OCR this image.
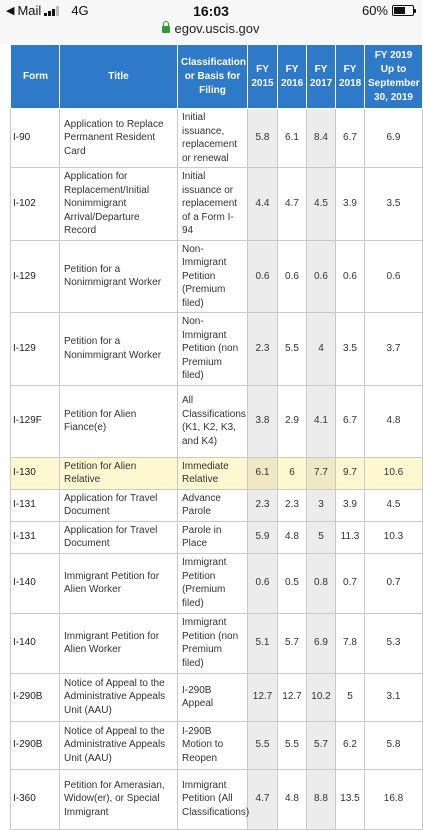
◀ Mail 4G	16:03	60%
egov.uscis.gov
Form	Title	Classification or Basis for Filing	FY 2015	FY 2016	FY 2017	FY 2018	FY 2019 Up to September 30, 2019
I-90	Application to Replace Permanent Resident Card	Initial issuance, replacement or renewal	5.8	6.1	8.4	6.7	6.9
I-102	Application for Replacement/Initial Nonimmigrant Arrival/Departure Record	Initial issuance or replacement of a Form I-94	4.4	4.7	4.5	3.9	3.5
I-129	Petition for a Nonimmigrant Worker	Non-Immigrant Petition (Premium filed)	0.6	0.6	0.6	0.6	0.6
I-129	Petition for a Nonimmigrant Worker	Non-Immigrant Petition (non Premium filed)	2.3	5.5	4	3.5	3.7
I-129F	Petition for Alien Fiance(e)	All Classifications (K1, K2, K3, and K4)	3.8	2.9	4.1	6.7	4.8
I-130	Petition for Alien Relative	Immediate Relative	6.1	6	7.7	9.7	10.6
I-131	Application for Travel Document	Advance Parole	2.3	2.3	3	3.9	4.5
I-131	Application for Travel Document	Parole in Place	5.9	4.8	5	11.3	10.3
I-140	Immigrant Petition for Alien Worker	Immigrant Petition (Premium filed)	0.6	0.5	0.8	0.7	0.7
I-140	Immigrant Petition for Alien Worker	Immigrant Petition (non Premium filed)	5.1	5.7	6.9	7.8	5.3
I-290B	Notice of Appeal to the Administrative Appeals Unit (AAU)	I-290B Appeal	12.7	12.7	10.2	5	3.1
I-290B	Notice of Appeal to the Administrative Appeals Unit (AAU)	I-290B Motion to Reopen	5.5	5.5	5.7	6.2	5.8
I-360	Petition for Amerasian, Widow(er), or Special Immigrant	Immigrant Petition (All Classifications)	4.7	4.8	8.8	13.5	16.8
